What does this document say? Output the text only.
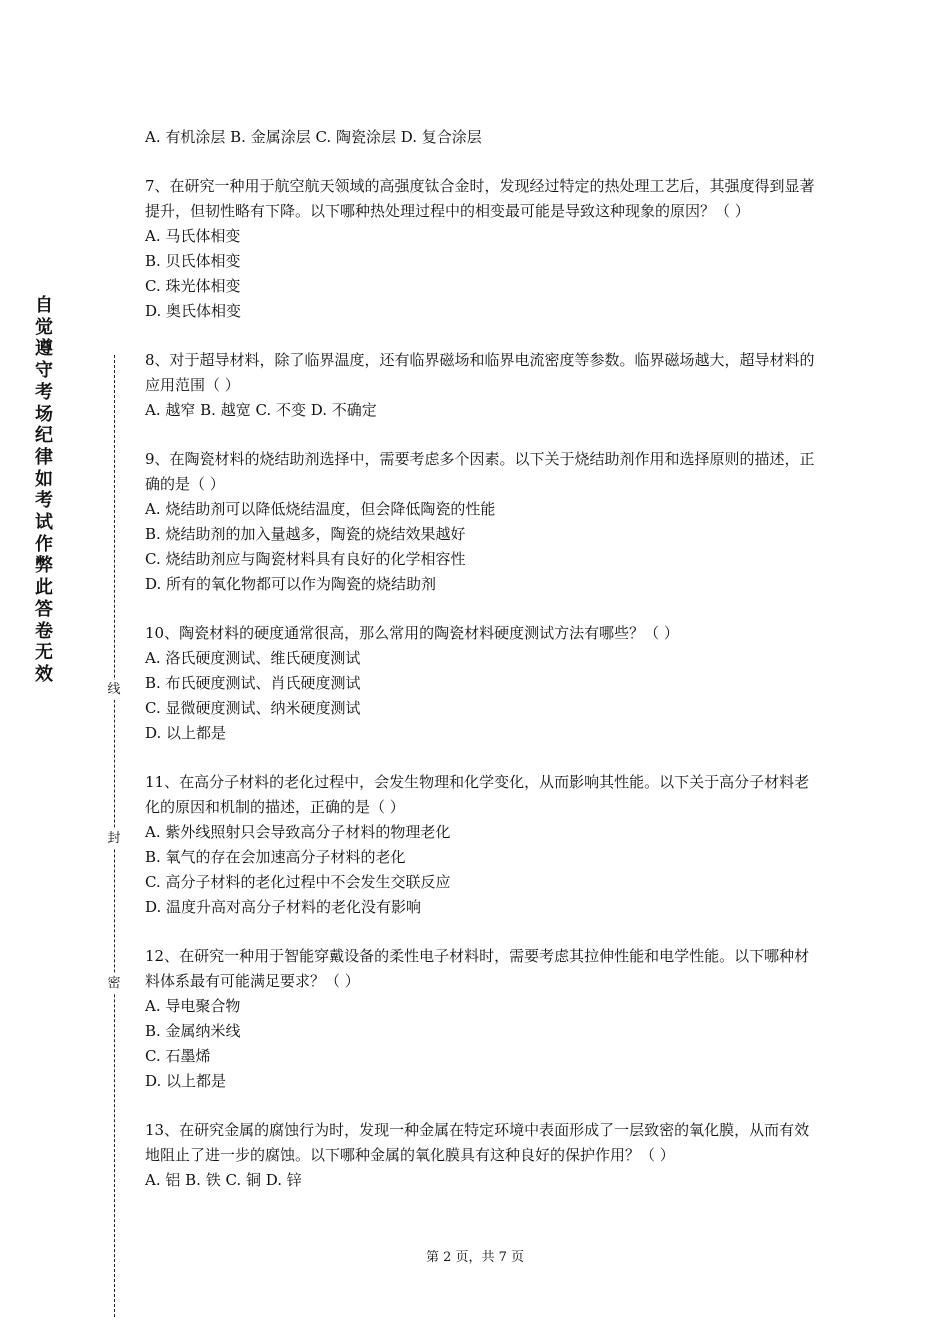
自觉遵守考场纪律如考试作弊此答卷无效
线
封
密
A. 有机涂层 B. 金属涂层 C. 陶瓷涂层 D. 复合涂层

7、在研究一种用于航空航天领域的高强度钛合金时，发现经过特定的热处理工艺后，其强度得到显著提升，但韧性略有下降。以下哪种热处理过程中的相变最可能是导致这种现象的原因？（ ）

A. 马氏体相变
B. 贝氏体相变
C. 珠光体相变
D. 奥氏体相变

8、对于超导材料，除了临界温度，还有临界磁场和临界电流密度等参数。临界磁场越大，超导材料的应用范围（ ）

A. 越窄 B. 越宽 C. 不变 D. 不确定

9、在陶瓷材料的烧结助剂选择中，需要考虑多个因素。以下关于烧结助剂作用和选择原则的描述，正确的是（ ）

A. 烧结助剂可以降低烧结温度，但会降低陶瓷的性能
B. 烧结助剂的加入量越多，陶瓷的烧结效果越好
C. 烧结助剂应与陶瓷材料具有良好的化学相容性
D. 所有的氧化物都可以作为陶瓷的烧结助剂

10、陶瓷材料的硬度通常很高，那么常用的陶瓷材料硬度测试方法有哪些？（ ）

A. 洛氏硬度测试、维氏硬度测试
B. 布氏硬度测试、肖氏硬度测试
C. 显微硬度测试、纳米硬度测试
D. 以上都是

11、在高分子材料的老化过程中，会发生物理和化学变化，从而影响其性能。以下关于高分子材料老化的原因和机制的描述，正确的是（ ）

A. 紫外线照射只会导致高分子材料的物理老化
B. 氧气的存在会加速高分子材料的老化
C. 高分子材料的老化过程中不会发生交联反应
D. 温度升高对高分子材料的老化没有影响

12、在研究一种用于智能穿戴设备的柔性电子材料时，需要考虑其拉伸性能和电学性能。以下哪种材料体系最有可能满足要求？（ ）

A. 导电聚合物
B. 金属纳米线
C. 石墨烯
D. 以上都是

13、在研究金属的腐蚀行为时，发现一种金属在特定环境中表面形成了一层致密的氧化膜，从而有效地阻止了进一步的腐蚀。以下哪种金属的氧化膜具有这种良好的保护作用？（ ）

A. 铝 B. 铁 C. 铜 D. 锌
第 2 页，共 7 页
